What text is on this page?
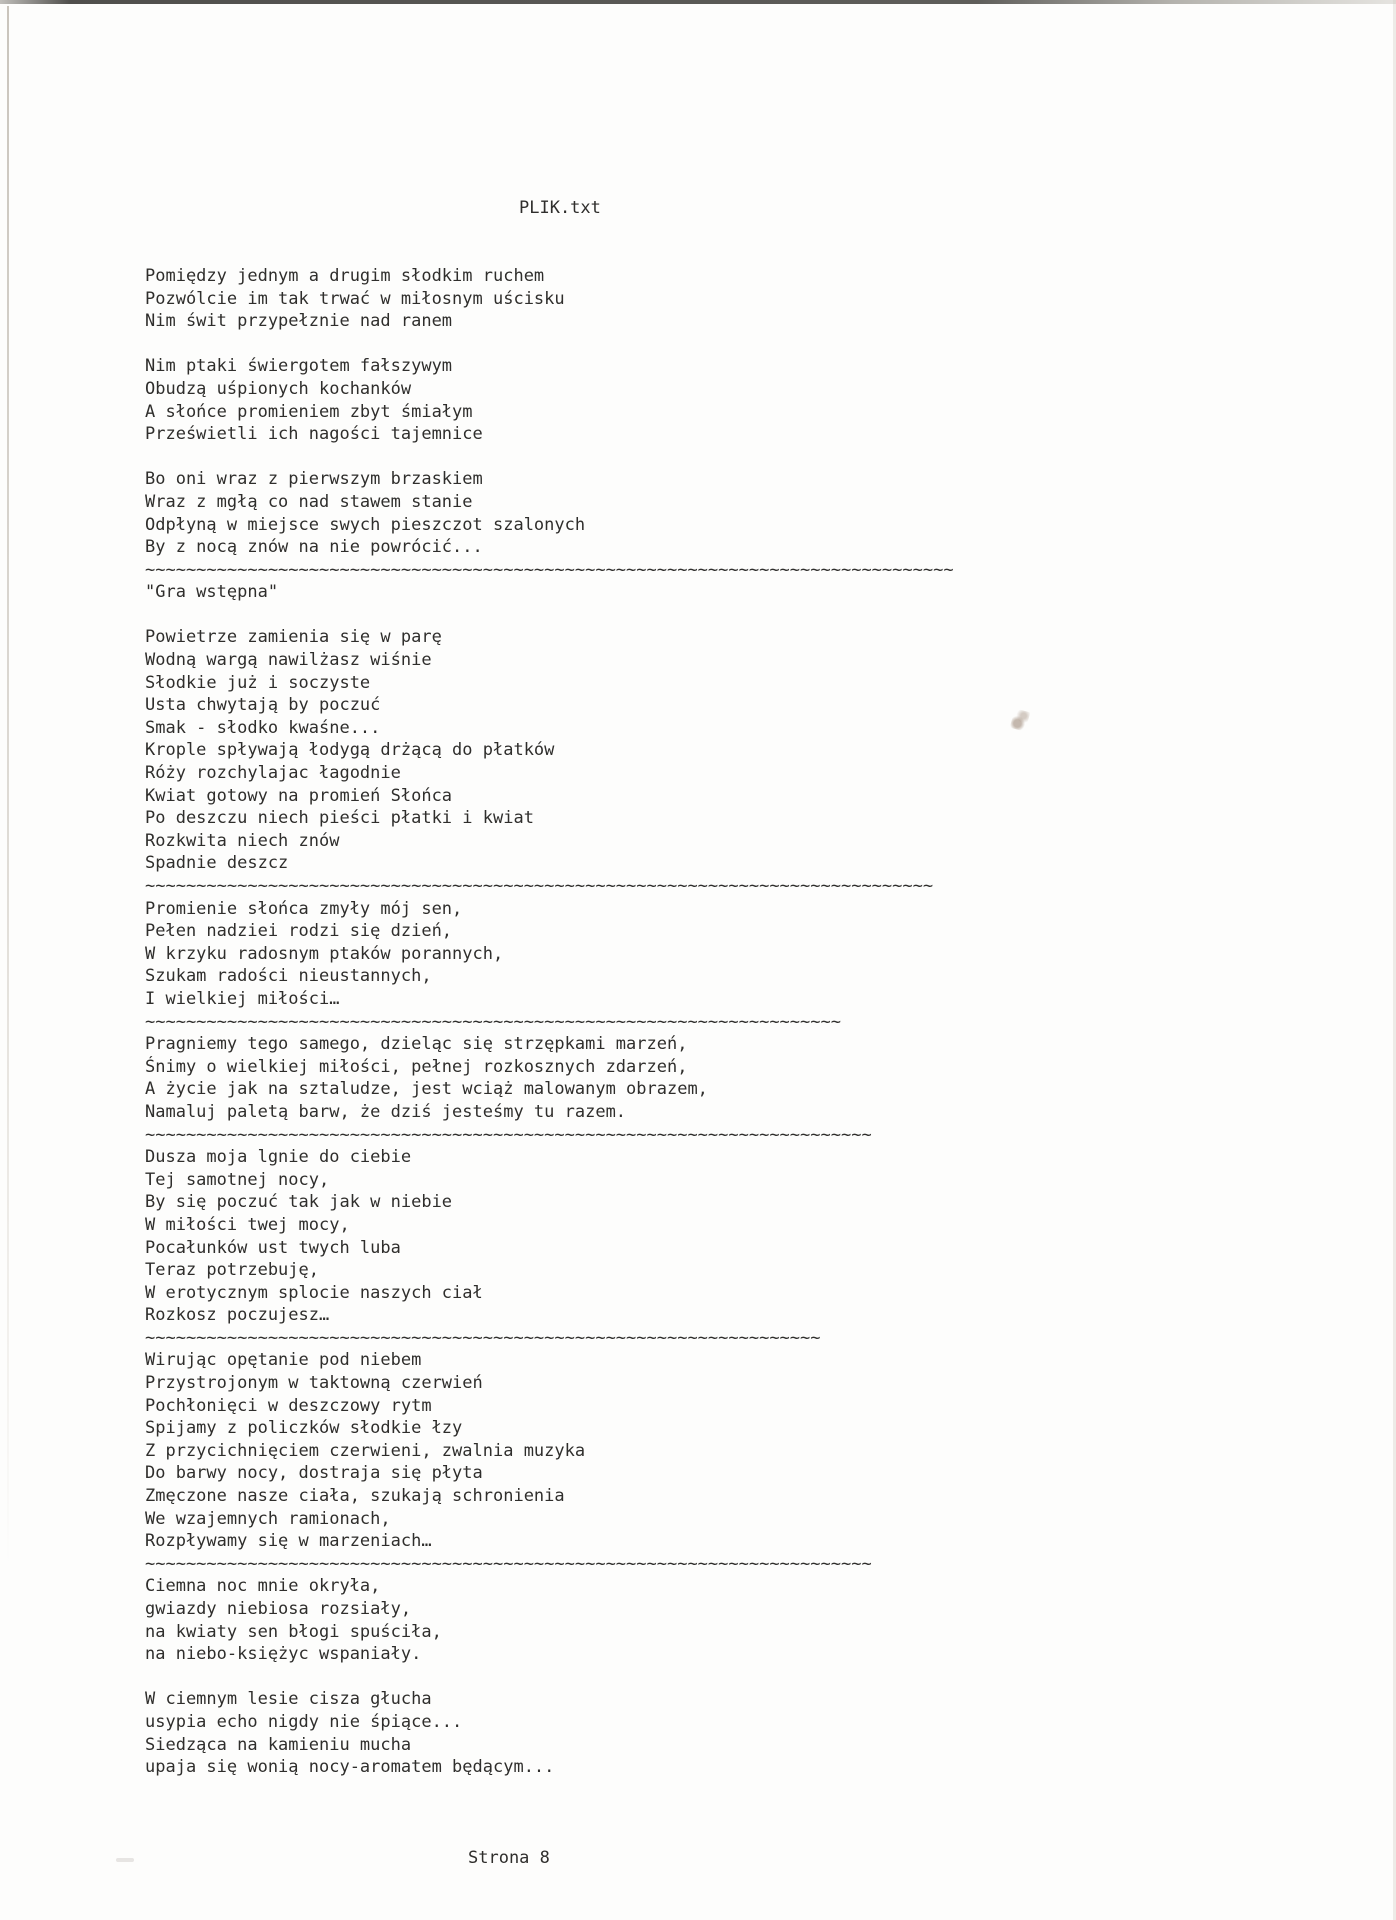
PLIK.txt

Pomiędzy jednym a drugim słodkim ruchem
Pozwólcie im tak trwać w miłosnym uścisku
Nim świt przypełznie nad ranem

Nim ptaki świergotem fałszywym
Obudzą uśpionych kochanków
A słońce promieniem zbyt śmiałym
Prześwietli ich nagości tajemnice

Bo oni wraz z pierwszym brzaskiem
Wraz z mgłą co nad stawem stanie
Odpłyną w miejsce swych pieszczot szalonych
By z nocą znów na nie powrócić...
~~~~~~~~~~~~~~~~~~~~~~~~~~~~~~~~~~~~~~~~~~~~~~~~~~~~~~~~~~~~~~~~~~~~~~~~~~~~~~~
"Gra wstępna"

Powietrze zamienia się w parę
Wodną wargą nawilżasz wiśnie
Słodkie już i soczyste
Usta chwytają by poczuć
Smak - słodko kwaśne...
Krople spływają łodygą drżącą do płatków
Róży rozchylajac łagodnie
Kwiat gotowy na promień Słońca
Po deszczu niech pieści płatki i kwiat
Rozkwita niech znów
Spadnie deszcz
~~~~~~~~~~~~~~~~~~~~~~~~~~~~~~~~~~~~~~~~~~~~~~~~~~~~~~~~~~~~~~~~~~~~~~~~~~~~~
Promienie słońca zmyły mój sen,
Pełen nadziei rodzi się dzień,
W krzyku radosnym ptaków porannych,
Szukam radości nieustannych,
I wielkiej miłości…
~~~~~~~~~~~~~~~~~~~~~~~~~~~~~~~~~~~~~~~~~~~~~~~~~~~~~~~~~~~~~~~~~~~~
Pragniemy tego samego, dzieląc się strzępkami marzeń,
Śnimy o wielkiej miłości, pełnej rozkosznych zdarzeń,
A życie jak na sztaludze, jest wciąż malowanym obrazem,
Namaluj paletą barw, że dziś jesteśmy tu razem.
~~~~~~~~~~~~~~~~~~~~~~~~~~~~~~~~~~~~~~~~~~~~~~~~~~~~~~~~~~~~~~~~~~~~~~~
Dusza moja lgnie do ciebie
Tej samotnej nocy,
By się poczuć tak jak w niebie
W miłości twej mocy,
Pocałunków ust twych luba
Teraz potrzebuję,
W erotycznym splocie naszych ciał
Rozkosz poczujesz…
~~~~~~~~~~~~~~~~~~~~~~~~~~~~~~~~~~~~~~~~~~~~~~~~~~~~~~~~~~~~~~~~~~
Wirując opętanie pod niebem
Przystrojonym w taktowną czerwień
Pochłonięci w deszczowy rytm
Spijamy z policzków słodkie łzy
Z przycichnięciem czerwieni, zwalnia muzyka
Do barwy nocy, dostraja się płyta
Zmęczone nasze ciała, szukają schronienia
We wzajemnych ramionach,
Rozpływamy się w marzeniach…
~~~~~~~~~~~~~~~~~~~~~~~~~~~~~~~~~~~~~~~~~~~~~~~~~~~~~~~~~~~~~~~~~~~~~~~
Ciemna noc mnie okryła,
gwiazdy niebiosa rozsiały,
na kwiaty sen błogi spuściła,
na niebo-księżyc wspaniały.

W ciemnym lesie cisza głucha
usypia echo nigdy nie śpiące...
Siedząca na kamieniu mucha
upaja się wonią nocy-aromatem będącym...

Strona 8
